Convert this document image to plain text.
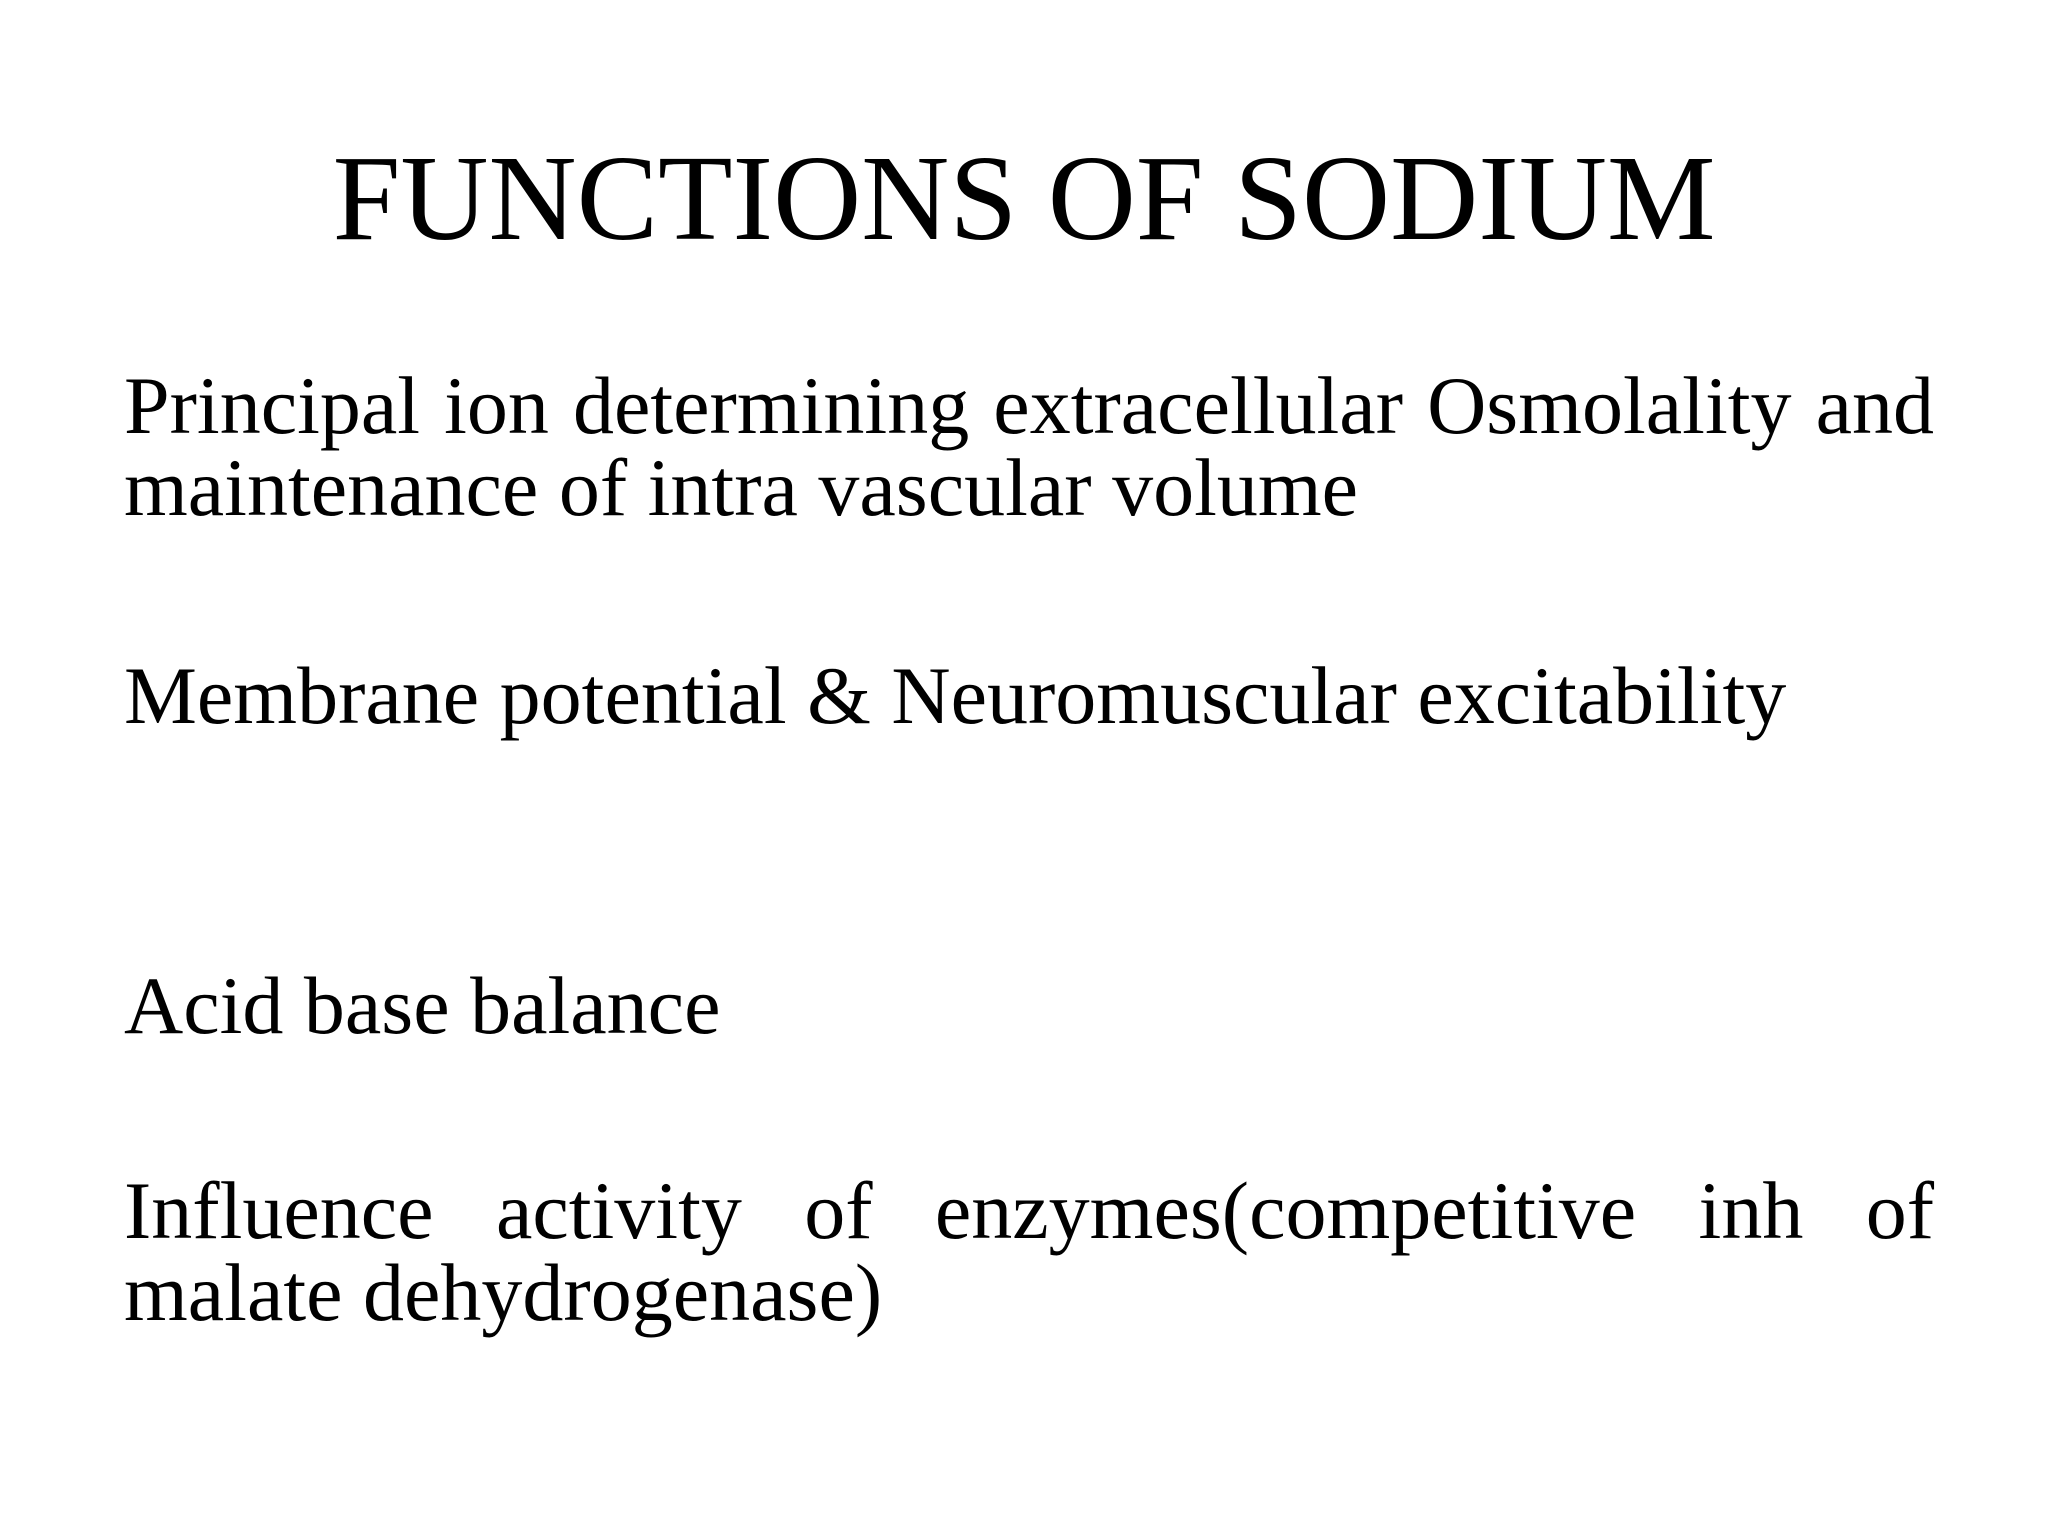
FUNCTIONS OF SODIUM

Principal ion determining extracellular Osmolality and maintenance of intra vascular volume

Membrane potential & Neuromuscular excitability

Acid base balance

Influence activity of enzymes(competitive inh of malate dehydrogenase)
